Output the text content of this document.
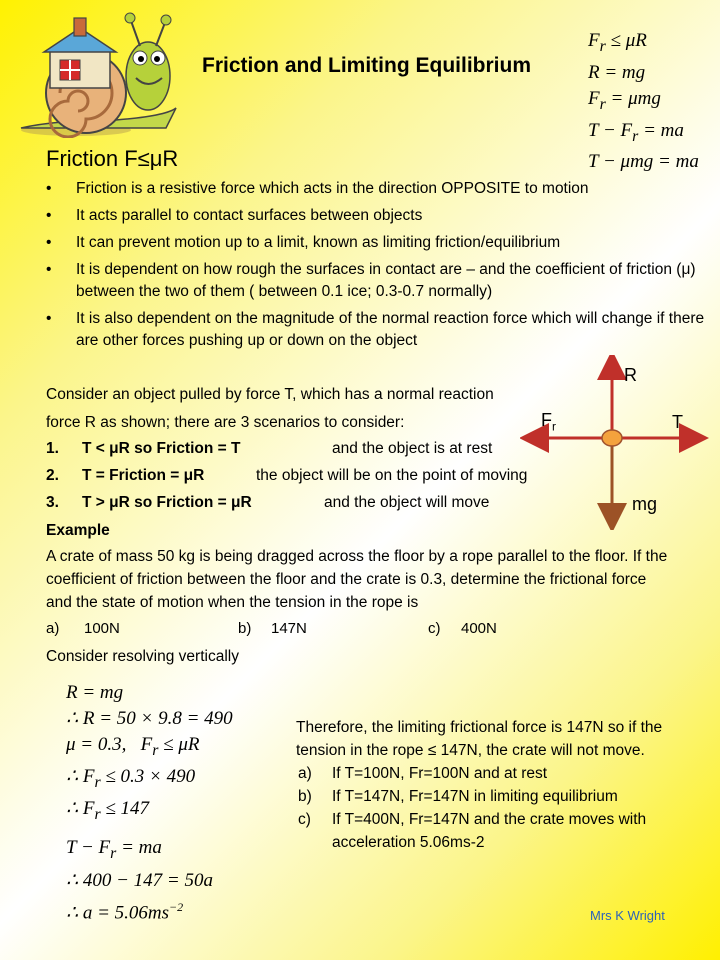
Friction and Limiting Equilibrium
$F_r \le \mu R$
R = mg
$F_r = \mu mg$
$T - F_r$ = ma
T − μmg = ma
Friction F≤μR
• Friction is a resistive force which acts in the direction OPPOSITE to motion
• It acts parallel to contact surfaces between objects
• It can prevent motion up to a limit, known as limiting friction/equilibrium
• It is dependent on how rough the surfaces in contact are – and the coefficient of friction (μ) between the two of them ( between 0.1 ice; 0.3-0.7 normally)
• It is also dependent on the magnitude of the normal reaction force which will change if there are other forces pushing up or down on the object
Consider an object pulled by force T, which has a normal reaction
force R as shown; there are 3 scenarios to consider:
1. T < μR so Friction = T	and the object is at rest
2. T = Friction = μR	the object will be on the point of moving
3. T > μR so Friction = μR	and the object will move
R
$F_r$	T
mg
Example
A crate of mass 50 kg is being dragged across the floor by a rope parallel to the floor. If the coefficient of friction between the floor and the crate is 0.3, determine the frictional force and the state of motion when the tension in the rope is
a) 100N	b) 147N	c) 400N
Consider resolving vertically
R = mg
∴ R = 50 × 9.8 = 490
μ = 0.3,   $F_r \le \mu R$
∴ $F_r \le 0.3 \times 490$
∴ $F_r \le 147$
$T - F_r$ = ma
∴ 400 − 147 = 50a
∴ $a = 5.06ms^{-2}$
Therefore, the limiting frictional force is 147N so if the tension in the rope ≤ 147N, the crate will not move.
a) If T=100N, Fr=100N and at rest
b) If T=147N, Fr=147N in limiting equilibrium
c) If T=400N, Fr=147N and the crate moves with acceleration 5.06ms-2
Mrs K Wright
